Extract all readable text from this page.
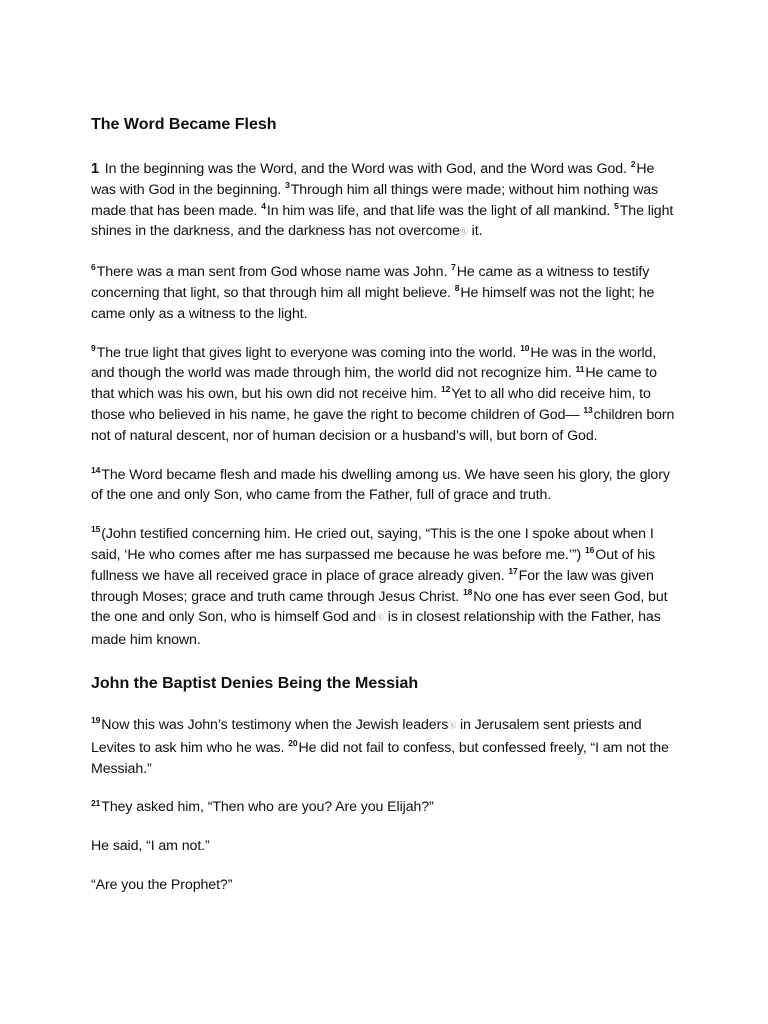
The Word Became Flesh

1 In the beginning was the Word, and the Word was with God, and the Word was God. $^2$He was with God in the beginning. $^3$Through him all things were made; without him nothing was made that has been made. $^4$In him was life, and that life was the light of all mankind. $^5$The light shines in the darkness, and the darkness has not overcomeⓠ it.

$^6$There was a man sent from God whose name was John. $^7$He came as a witness to testify concerning that light, so that through him all might believe. $^8$He himself was not the light; he came only as a witness to the light.

$^9$The true light that gives light to everyone was coming into the world. $^{10}$He was in the world, and though the world was made through him, the world did not recognize him. $^{11}$He came to that which was his own, but his own did not receive him. $^{12}$Yet to all who did receive him, to those who believed in his name, he gave the right to become children of God— $^{13}$children born not of natural descent, nor of human decision or a husband’s will, but born of God.

$^{14}$The Word became flesh and made his dwelling among us. We have seen his glory, the glory of the one and only Son, who came from the Father, full of grace and truth.

$^{15}$(John testified concerning him. He cried out, saying, “This is the one I spoke about when I said, ‘He who comes after me has surpassed me because he was before me.’”) $^{16}$Out of his fullness we have all received grace in place of grace already given. $^{17}$For the law was given through Moses; grace and truth came through Jesus Christ. $^{18}$No one has ever seen God, but the one and only Son, who is himself God andⓠ is in closest relationship with the Father, has made him known.

John the Baptist Denies Being the Messiah

$^{19}$Now this was John’s testimony when the Jewish leadersⓠ in Jerusalem sent priests and Levites to ask him who he was. $^{20}$He did not fail to confess, but confessed freely, “I am not the Messiah.”

$^{21}$They asked him, “Then who are you? Are you Elijah?”

He said, “I am not.”

“Are you the Prophet?”
